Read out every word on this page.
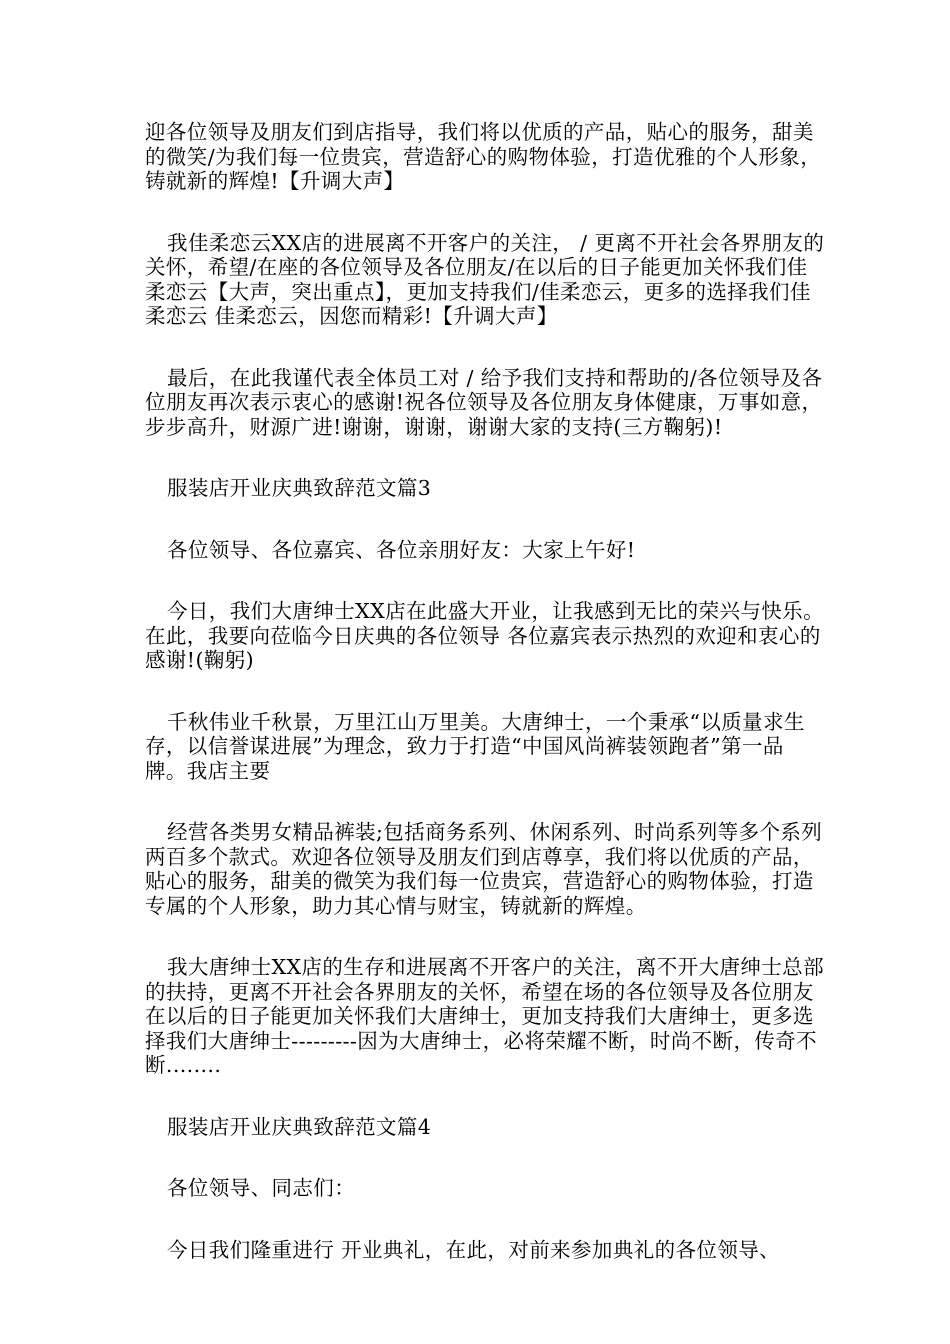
迎各位领导及朋友们到店指导，我们将以优质的产品，贴心的服务，甜美的微笑/为我们每一位贵宾，营造舒心的购物体验，打造优雅的个人形象，铸就新的辉煌!【升调大声】

我佳柔恋云XX店的进展离不开客户的关注， / 更离不开社会各界朋友的关怀，希望/在座的各位领导及各位朋友/在以后的日子能更加关怀我们佳柔恋云【大声，突出重点】，更加支持我们/佳柔恋云，更多的选择我们佳柔恋云 佳柔恋云，因您而精彩!【升调大声】

最后，在此我谨代表全体员工对 / 给予我们支持和帮助的/各位领导及各位朋友再次表示衷心的感谢!祝各位领导及各位朋友身体健康，万事如意，步步高升，财源广进!谢谢，谢谢，谢谢大家的支持(三方鞠躬)!

服装店开业庆典致辞范文篇3

各位领导、各位嘉宾、各位亲朋好友：大家上午好!

今日，我们大唐绅士XX店在此盛大开业，让我感到无比的荣兴与快乐。在此，我要向莅临今日庆典的各位领导 各位嘉宾表示热烈的欢迎和衷心的感谢!(鞠躬)

千秋伟业千秋景，万里江山万里美。大唐绅士，一个秉承“以质量求生存，以信誉谋进展”为理念，致力于打造“中国风尚裤装领跑者”第一品牌。我店主要

经营各类男女精品裤装;包括商务系列、休闲系列、时尚系列等多个系列两百多个款式。欢迎各位领导及朋友们到店尊享，我们将以优质的产品，贴心的服务，甜美的微笑为我们每一位贵宾，营造舒心的购物体验，打造专属的个人形象，助力其心情与财宝，铸就新的辉煌。

我大唐绅士XX店的生存和进展离不开客户的关注，离不开大唐绅士总部的扶持，更离不开社会各界朋友的关怀，希望在场的各位领导及各位朋友在以后的日子能更加关怀我们大唐绅士，更加支持我们大唐绅士，更多选择我们大唐绅士---------因为大唐绅士，必将荣耀不断，时尚不断，传奇不断........

服装店开业庆典致辞范文篇4

各位领导、同志们：

今日我们隆重进行 开业典礼，在此，对前来参加典礼的各位领导、
